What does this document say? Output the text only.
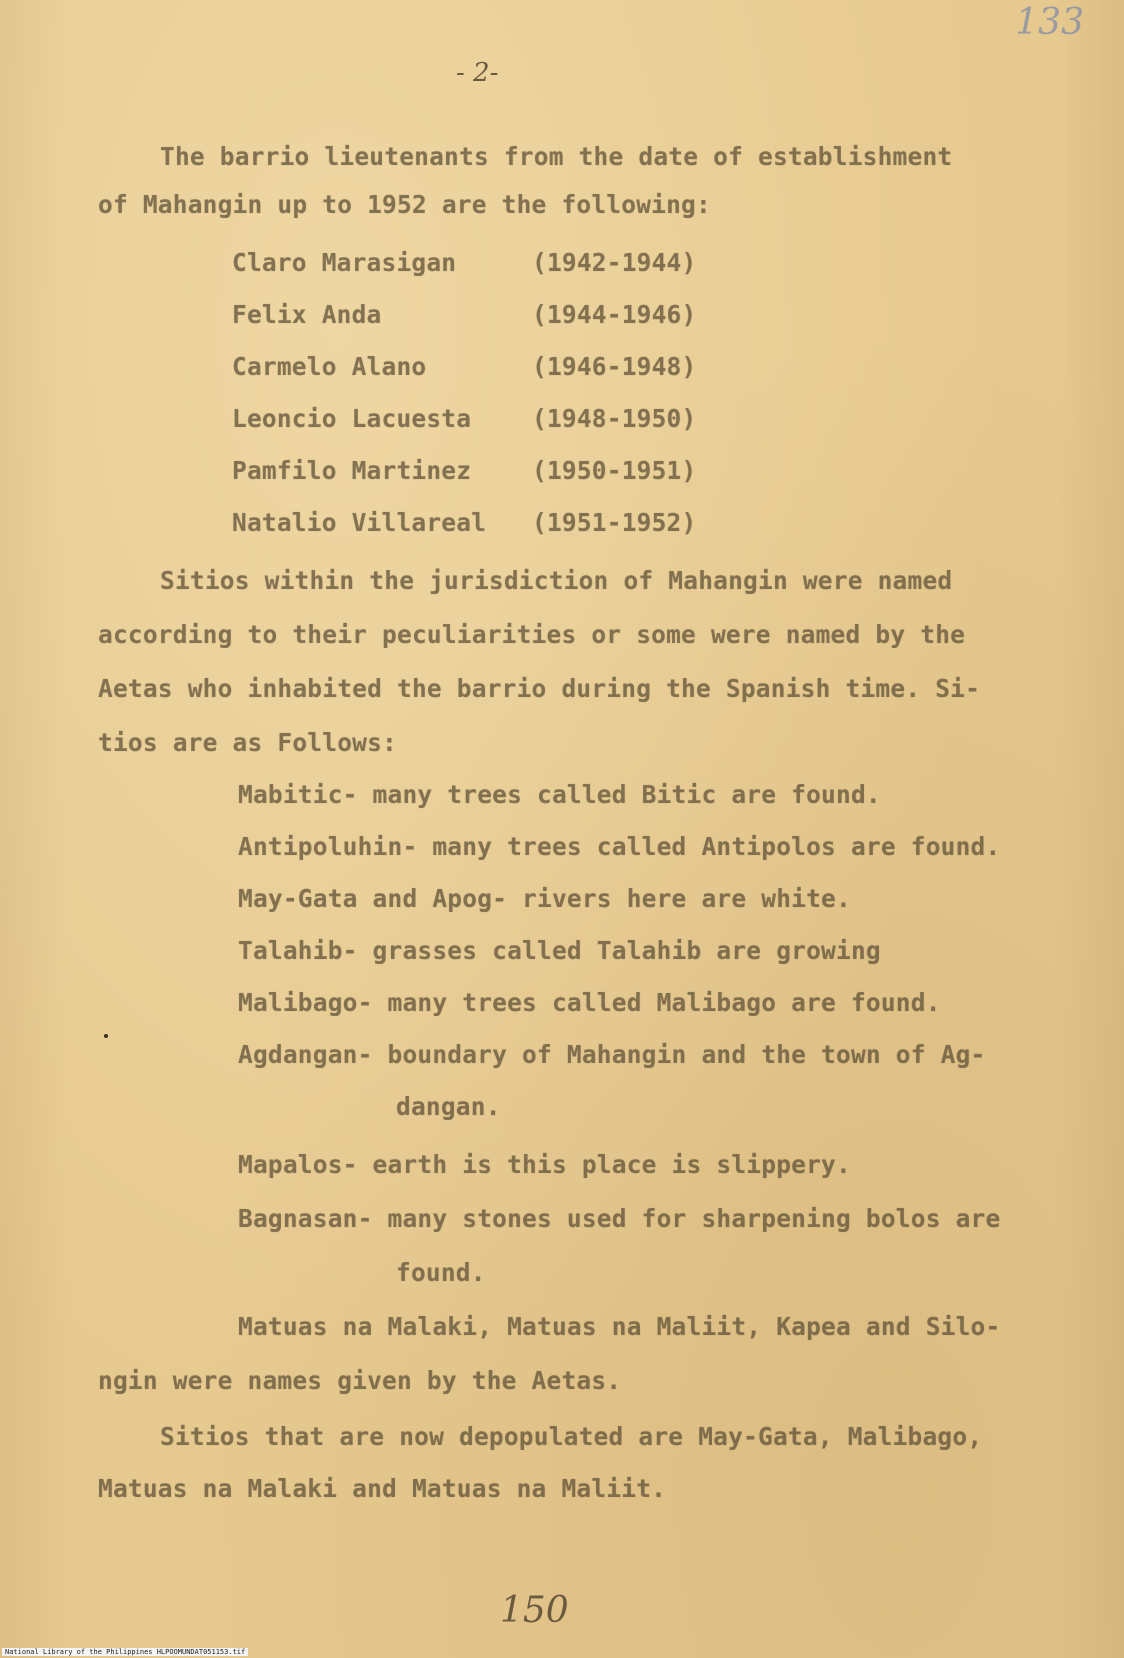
133
- 2-
The barrio lieutenants from the date of establishment
of Mahangin up to 1952 are the following:
Claro Marasigan	(1942-1944)
Felix Anda	(1944-1946)
Carmelo Alano	(1946-1948)
Leoncio Lacuesta	(1948-1950)
Pamfilo Martinez	(1950-1951)
Natalio Villareal	(1951-1952)
Sitios within the jurisdiction of Mahangin were named
according to their peculiarities or some were named by the
Aetas who inhabited the barrio during the Spanish time. Si-
tios are as Follows:
Mabitic- many trees called Bitic are found.
Antipoluhin- many trees called Antipolos are found.
May-Gata and Apog- rivers here are white.
Talahib- grasses called Talahib are growing
Malibago- many trees called Malibago are found.
Agdangan- boundary of Mahangin and the town of Ag-
dangan.
Mapalos- earth is this place is slippery.
Bagnasan- many stones used for sharpening bolos are
found.
Matuas na Malaki, Matuas na Maliit, Kapea and Silo-
ngin were names given by the Aetas.
Sitios that are now depopulated are May-Gata, Malibago,
Matuas na Malaki and Matuas na Maliit.
150
National Library of the Philippines HLPOOMUNDAT051153.tif
